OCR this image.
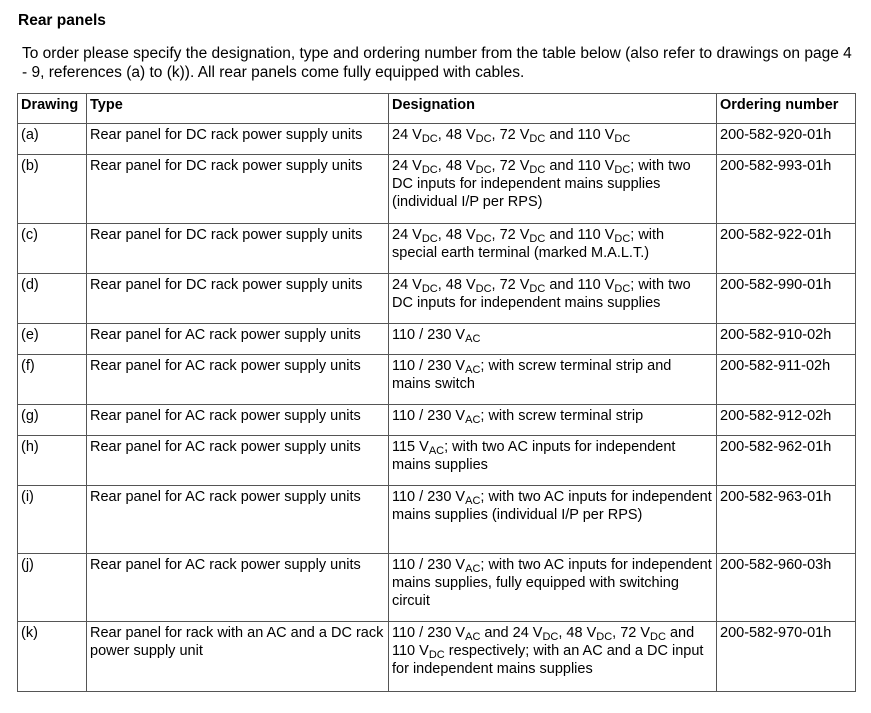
Rear panels
To order please specify the designation, type and ordering number from the table below (also refer to drawings on page 4 - 9, references (a) to (k)). All rear panels come fully equipped with cables.
Drawing	Type	Designation	Ordering number
(a)	Rear panel for DC rack power supply units	24 $V_{DC}$, 48 $V_{DC}$, 72 $V_{DC}$ and 110 $V_{DC}$	200-582-920-01h
(b)	Rear panel for DC rack power supply units	24 $V_{DC}$, 48 $V_{DC}$, 72 $V_{DC}$ and 110 $V_{DC}$; with two DC inputs for independent mains supplies (individual I/P per RPS)	200-582-993-01h
(c)	Rear panel for DC rack power supply units	24 $V_{DC}$, 48 $V_{DC}$, 72 $V_{DC}$ and 110 $V_{DC}$; with special earth terminal (marked M.A.L.T.)	200-582-922-01h
(d)	Rear panel for DC rack power supply units	24 $V_{DC}$, 48 $V_{DC}$, 72 $V_{DC}$ and 110 $V_{DC}$; with two DC inputs for independent mains supplies	200-582-990-01h
(e)	Rear panel for AC rack power supply units	110 / 230 $V_{AC}$	200-582-910-02h
(f)	Rear panel for AC rack power supply units	110 / 230 $V_{AC}$; with screw terminal strip and mains switch	200-582-911-02h
(g)	Rear panel for AC rack power supply units	110 / 230 $V_{AC}$; with screw terminal strip	200-582-912-02h
(h)	Rear panel for AC rack power supply units	115 $V_{AC}$; with two AC inputs for independent mains supplies	200-582-962-01h
(i)	Rear panel for AC rack power supply units	110 / 230 $V_{AC}$; with two AC inputs for independent mains supplies (individual I/P per RPS)	200-582-963-01h
(j)	Rear panel for AC rack power supply units	110 / 230 $V_{AC}$; with two AC inputs for independent mains supplies, fully equipped with switching circuit	200-582-960-03h
(k)	Rear panel for rack with an AC and a DC rack power supply unit	110 / 230 $V_{AC}$ and 24 $V_{DC}$, 48 $V_{DC}$, 72 $V_{DC}$ and 110 $V_{DC}$ respectively; with an AC and a DC input for independent mains supplies	200-582-970-01h
